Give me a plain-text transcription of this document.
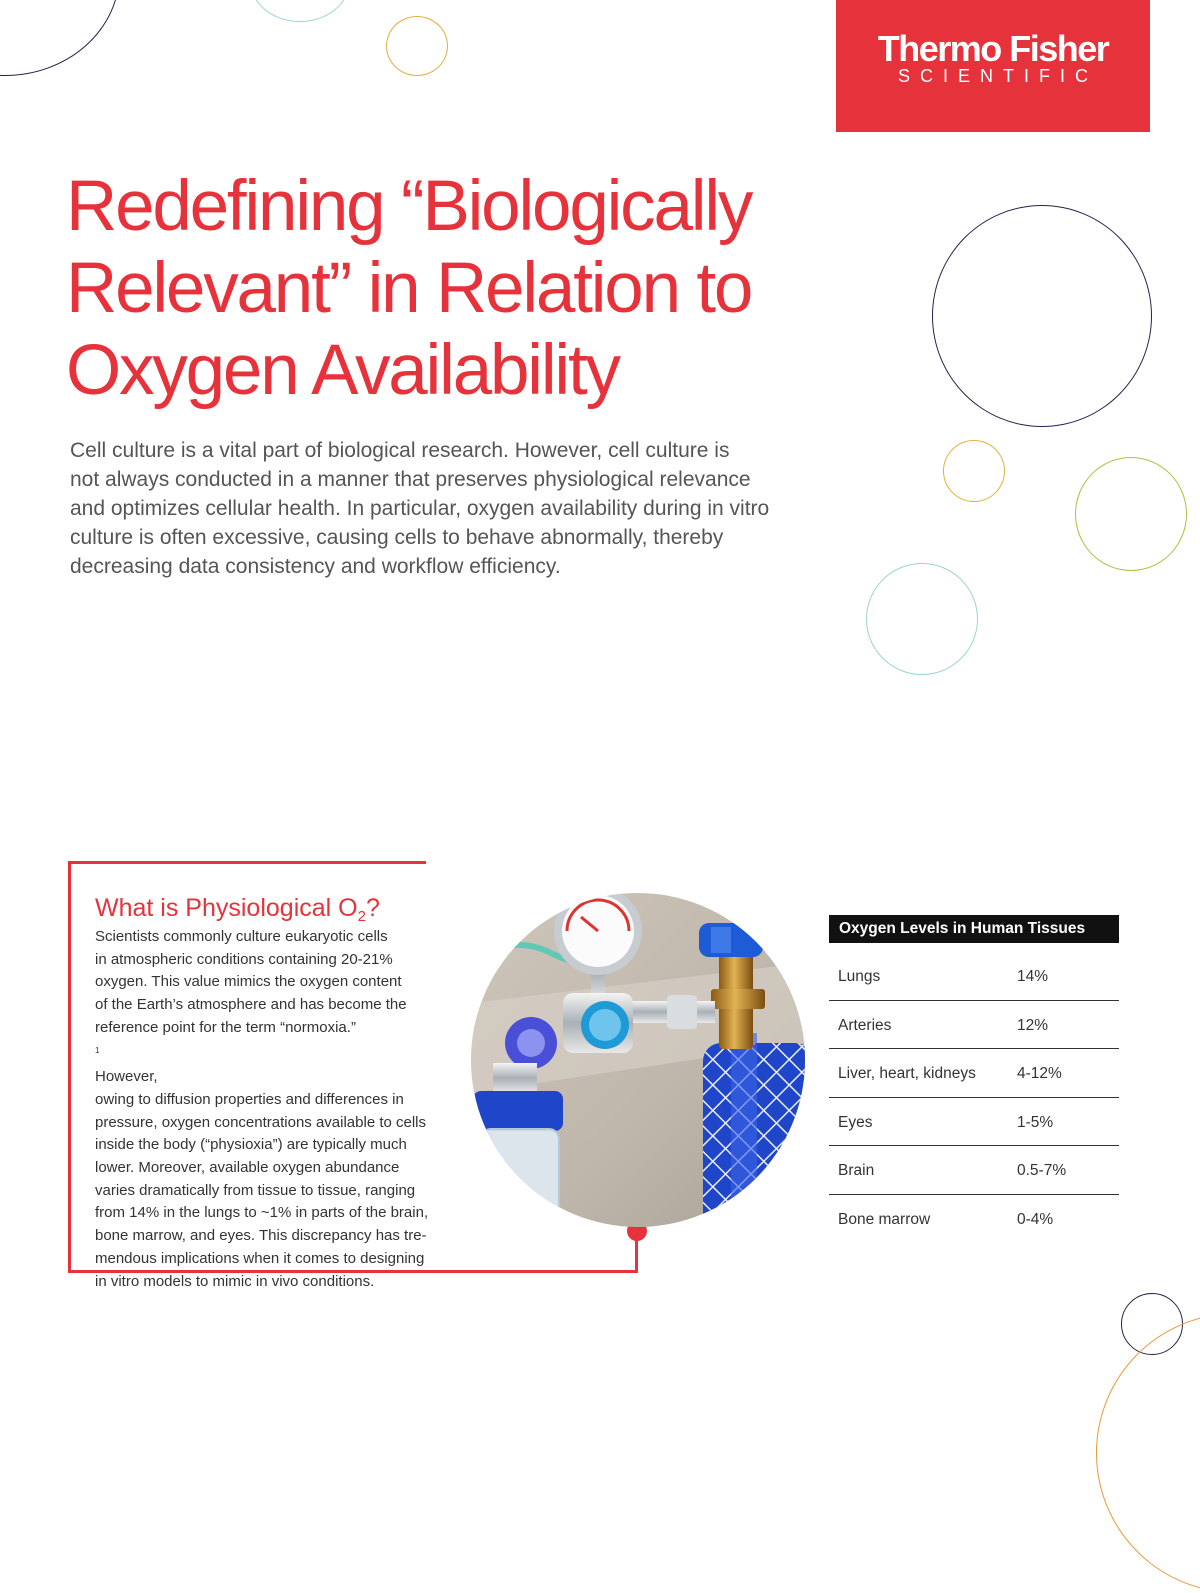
Thermo Fisher
SCIENTIFIC
Redefining “Biologically
Relevant” in Relation to
Oxygen Availability

Cell culture is a vital part of biological research. However, cell culture is
not always conducted in a manner that preserves physiological relevance
and optimizes cellular health. In particular, oxygen availability during in vitro
culture is often excessive, causing cells to behave abnormally, thereby
decreasing data consistency and workflow efficiency.

What is Physiological $O_2$?

Scientists commonly culture eukaryotic cells
in atmospheric conditions containing 20-21%
oxygen. This value mimics the oxygen content
of the Earth’s atmosphere and has become the
reference point for the term “normoxia.”
$^1$
However,
owing to diffusion properties and differences in
pressure, oxygen concentrations available to cells
inside the body (“physioxia”) are typically much
lower. Moreover, available oxygen abundance
varies dramatically from tissue to tissue, ranging
from 14% in the lungs to ~1% in parts of the brain,
bone marrow, and eyes. This discrepancy has tre-
mendous implications when it comes to designing
in vitro models to mimic in vivo conditions.

Oxygen Levels in Human Tissues
Lungs	14%
Arteries	12%
Liver, heart, kidneys	4-12%
Eyes	1-5%
Brain	0.5-7%
Bone marrow	0-4%
